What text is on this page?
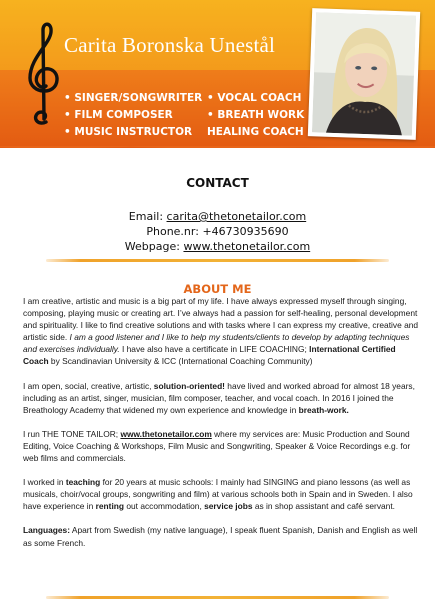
Carita Boronska Unestål
• SINGER/SONGWRITER
• FILM COMPOSER
• MUSIC INSTRUCTOR
• VOCAL COACH
• BREATH WORK
HEALING COACH
CONTACT
Email: carita@thetonetailor.com
Phone.nr: +46730935690
Webpage: www.thetonetailor.com
ABOUT ME

I am creative, artistic and music is a big part of my life. I have always expressed myself through singing, composing, playing music or creating art. I’ve always had a passion for self-healing, personal development and spirituality. I like to find creative solutions and with tasks where I can express my creative, creative and artistic side. I am a good listener and I like to help my students/clients to develop by adapting techniques and exercises individually. I have also have a certificate in LIFE COACHING; International Certified Coach by Scandinavian University & ICC (International Coaching Community)

I am open, social, creative, artistic, solution-oriented! have lived and worked abroad for almost 18 years, including as an artist, singer, musician, film composer, teacher, and vocal coach. In 2016 I joined the Breathology Academy that widened my own experience and knowledge in breath-work.

I run THE TONE TAILOR; www.thetonetailor.com where my services are: Music Production and Sound Editing, Voice Coaching & Workshops, Film Music and Songwriting, Speaker & Voice Recordings e.g. for web films and commercials.

I worked in teaching for 20 years at music schools: I mainly had SINGING and piano lessons (as well as musicals, choir/vocal groups, songwriting and film) at various schools both in Spain and in Sweden. I also have experience in renting out accommodation, service jobs as in shop assistant and café servant.

Languages: Apart from Swedish (my native language), I speak fluent Spanish, Danish and English as well as some French.
